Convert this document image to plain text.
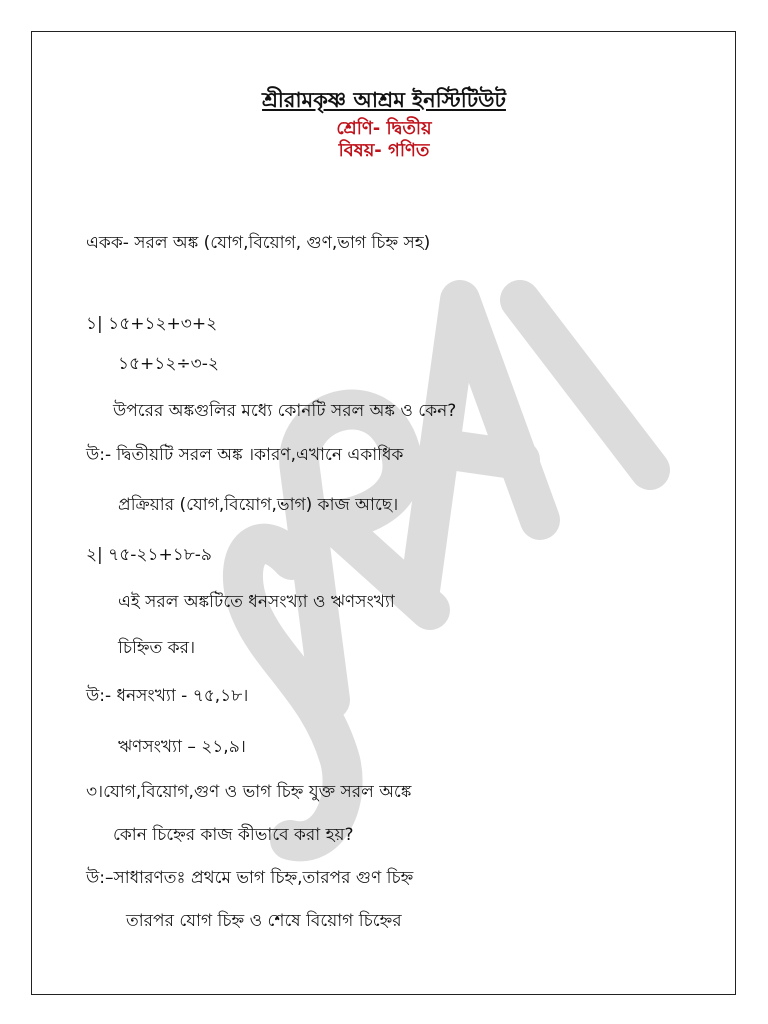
শ্রীরামকৃষ্ণ আশ্রম ইনস্টিটিউট
শ্রেণি- দ্বিতীয়
বিষয়- গণিত
একক- সরল অঙ্ক (যোগ,বিয়োগ, গুণ,ভাগ চিহ্ন সহ)
১| ১৫+১২+৩+২
১৫+১২÷৩-২
উপরের অঙ্কগুলির মধ্যে কোনটি সরল অঙ্ক ও কেন?
উ:- দ্বিতীয়টি সরল অঙ্ক ।কারণ,এখানে একাধিক
প্রক্রিয়ার (যোগ,বিয়োগ,ভাগ) কাজ আছে।
২| ৭৫-২১+১৮-৯
এই সরল অঙ্কটিতে ধনসংখ্যা ও ঋণসংখ্যা
চিহ্নিত কর।
উ:- ধনসংখ্যা - ৭৫,১৮।
ঋণসংখ্যা – ২১,৯।
৩।যোগ,বিয়োগ,গুণ ও ভাগ চিহ্ন যুক্ত সরল অঙ্কে
কোন চিহ্নের কাজ কীভাবে করা হয়?
উ:–সাধারণতঃ প্রথমে ভাগ চিহ্ন,তারপর গুণ চিহ্ন
তারপর যোগ চিহ্ন ও শেষে বিয়োগ চিহ্নের
